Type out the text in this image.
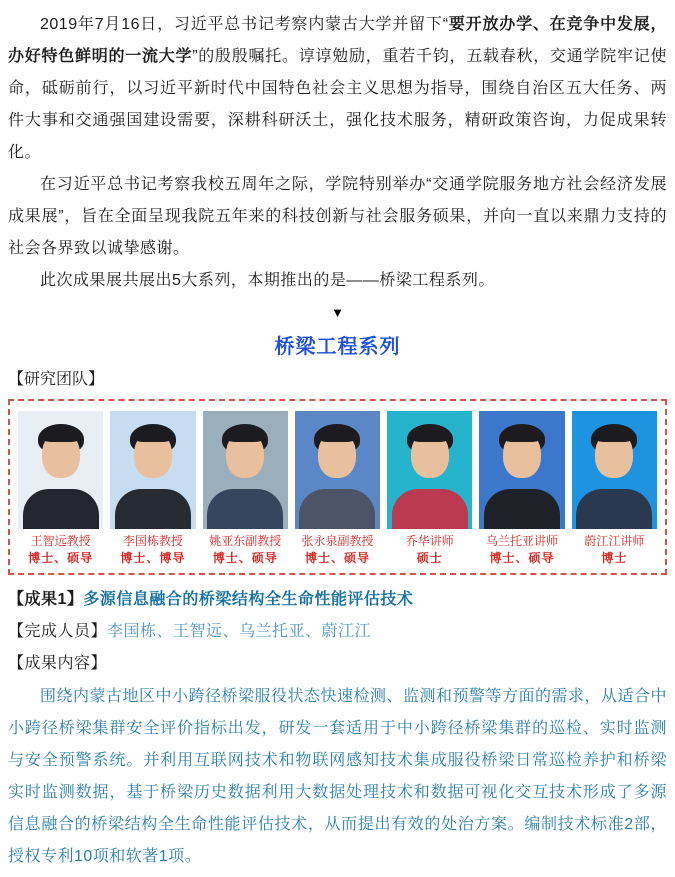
2019年7月16日，习近平总书记考察内蒙古大学并留下“要开放办学、在竞争中发展，办好特色鲜明的一流大学”的殷殷嘱托。谆谆勉励，重若千钧，五载春秋，交通学院牢记使命，砥砺前行，以习近平新时代中国特色社会主义思想为指导，围绕自治区五大任务、两件大事和交通强国建设需要，深耕科研沃土，强化技术服务，精研政策咨询，力促成果转化。

在习近平总书记考察我校五周年之际，学院特别举办“交通学院服务地方社会经济发展成果展”，旨在全面呈现我院五年来的科技创新与社会服务硕果，并向一直以来鼎力支持的社会各界致以诚挚感谢。

此次成果展共展出5大系列，本期推出的是——桥梁工程系列。

▼
桥梁工程系列
【研究团队】
王智远教授
博士、硕导
李国栋教授
博士、博导
姚亚东副教授
博士、硕导
张永泉副教授
博士、硕导
乔华讲师
硕士
乌兰托亚讲师
博士、硕导
蔚江江讲师
博士
【成果1】多源信息融合的桥梁结构全生命性能评估技术
【完成人员】李国栋、王智远、乌兰托亚、蔚江江
【成果内容】

围绕内蒙古地区中小跨径桥梁服役状态快速检测、监测和预警等方面的需求，从适合中小跨径桥梁集群安全评价指标出发，研发一套适用于中小跨径桥梁集群的巡检、实时监测与安全预警系统。并利用互联网技术和物联网感知技术集成服役桥梁日常巡检养护和桥梁实时监测数据，基于桥梁历史数据利用大数据处理技术和数据可视化交互技术形成了多源信息融合的桥梁结构全生命性能评估技术，从而提出有效的处治方案。编制技术标准2部，授权专利10项和软著1项。
